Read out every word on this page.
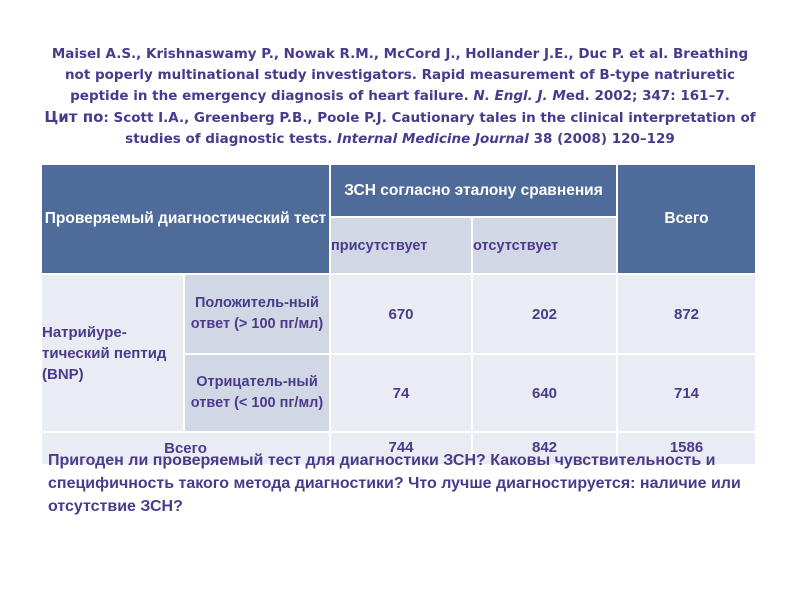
Maisel A.S., Krishnaswamy P., Nowak R.M., McCord J., Hollander J.E., Duc P. et al. Breathing not poperly multinational study investigators. Rapid measurement of B-type natriuretic peptide in the emergency diagnosis of heart failure. N. Engl. J. Med. 2002; 347: 161–7.
Цит по: Scott I.A., Greenberg P.B., Poole P.J. Cautionary tales in the clinical interpretation of studies of diagnostic tests. Internal Medicine Journal 38 (2008) 120–129
Проверяемый диагностический тест		ЗСН согласно эталону сравнения		Всего
		присутствует	отсутствует	
Натрийуре-тический пептид (BNP)	Положитель-ный ответ (> 100 пг/мл)	670	202	872
	Отрицатель-ный ответ (< 100 пг/мл)	74	640	714
Всего		744	842	1586
Пригоден ли проверяемый тест для диагностики ЗСН? Каковы чувствительность и специфичность такого метода диагностики? Что лучше диагностируется: наличие или отсутствие ЗСН?
